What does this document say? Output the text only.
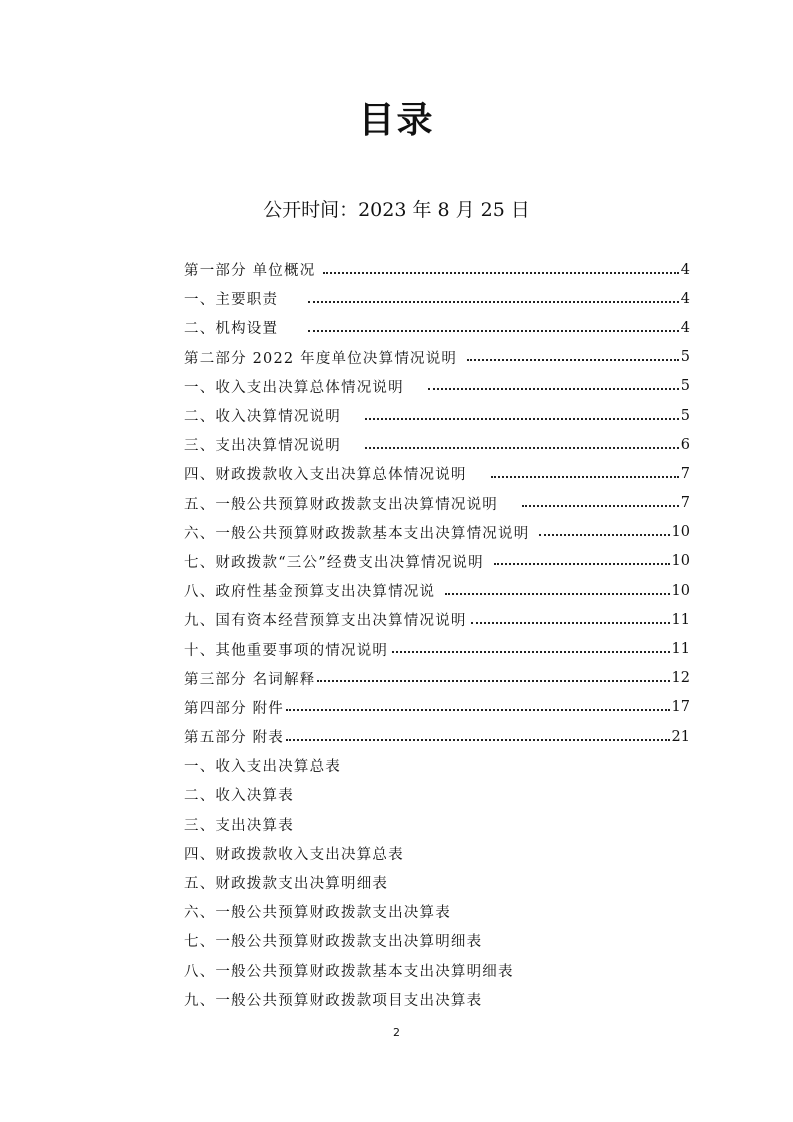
目录
公开时间：2023 年 8 月 25 日
第一部分 单位概况	4
一、主要职责	4
二、机构设置	4
第二部分 2022 年度单位决算情况说明	5
一、收入支出决算总体情况说明	5
二、收入决算情况说明	5
三、支出决算情况说明	6
四、财政拨款收入支出决算总体情况说明	7
五、一般公共预算财政拨款支出决算情况说明	7
六、一般公共预算财政拨款基本支出决算情况说明	10
七、财政拨款“三公”经费支出决算情况说明	10
八、政府性基金预算支出决算情况说	10
九、国有资本经营预算支出决算情况说明	11
十、其他重要事项的情况说明	11
第三部分 名词解释	12
第四部分 附件	17
第五部分 附表	21
一、收入支出决算总表
二、收入决算表
三、支出决算表
四、财政拨款收入支出决算总表
五、财政拨款支出决算明细表
六、一般公共预算财政拨款支出决算表
七、一般公共预算财政拨款支出决算明细表
八、一般公共预算财政拨款基本支出决算明细表
九、一般公共预算财政拨款项目支出决算表
2
